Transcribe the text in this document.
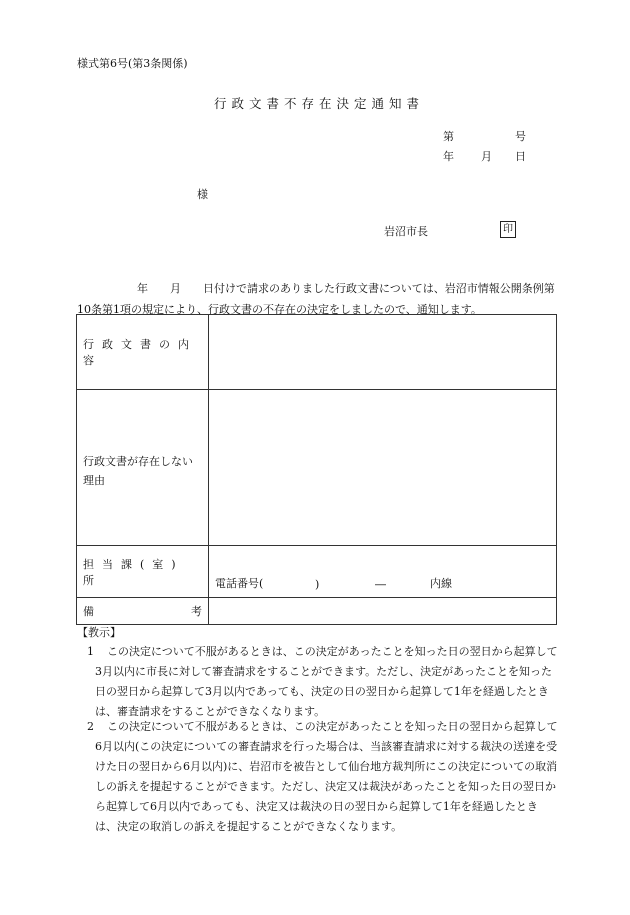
様式第6号(第3条関係)
行政文書不存在決定通知書
第	号
年 月 日
様
岩沼市長	印
年 月 日付けで請求のありました行政文書については、岩沼市情報公開条例第10条第1項の規定により、行政文書の不存在の決定をしましたので、通知します。
行政文書の内容	
行政文書が存在しない理由	
担当課(室)所	電話番号( ) ― 内線

備 考	

【教示】
1	この決定について不服があるときは、この決定があったことを知った日の翌日から起算して3月以内に市長に対して審査請求をすることができます。ただし、決定があったことを知った日の翌日から起算して3月以内であっても、決定の日の翌日から起算して1年を経過したときは、審査請求をすることができなくなります。
2	この決定について不服があるときは、この決定があったことを知った日の翌日から起算して6月以内(この決定についての審査請求を行った場合は、当該審査請求に対する裁決の送達を受けた日の翌日から6月以内)に、岩沼市を被告として仙台地方裁判所にこの決定についての取消しの訴えを提起することができます。ただし、決定又は裁決があったことを知った日の翌日から起算して6月以内であっても、決定又は裁決の日の翌日から起算して1年を経過したときは、決定の取消しの訴えを提起することができなくなります。
